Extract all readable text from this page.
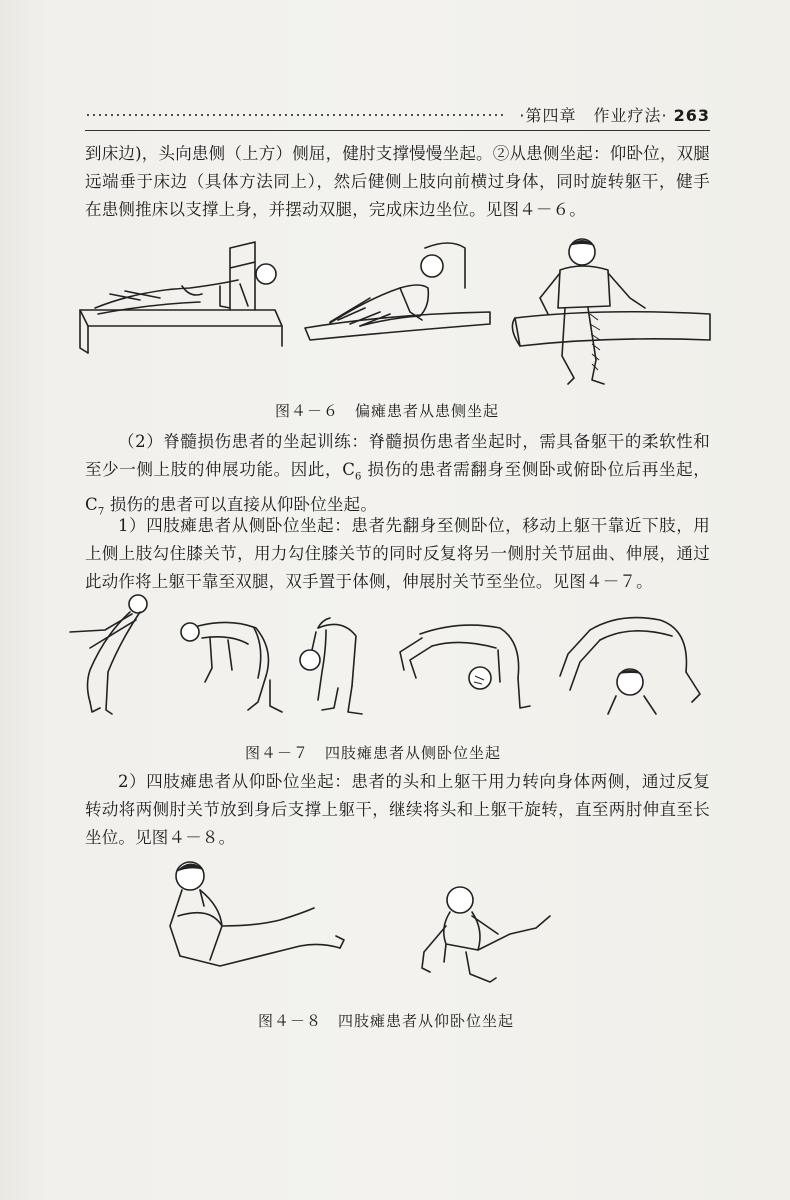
·第四章　作业疗法· 263
到床边)，头向患侧（上方）侧屈，健肘支撑慢慢坐起。②从患侧坐起：仰卧位，双腿远端垂于床边（具体方法同上），然后健侧上肢向前横过身体，同时旋转躯干，健手在患侧推床以支撑上身，并摆动双腿，完成床边坐位。见图４－６。
图４－６　偏瘫患者从患侧坐起
（2）脊髓损伤患者的坐起训练：脊髓损伤患者坐起时，需具备躯干的柔软性和至少一侧上肢的伸展功能。因此，$C_6$ 损伤的患者需翻身至侧卧或俯卧位后再坐起，$C_7$ 损伤的患者可以直接从仰卧位坐起。
1）四肢瘫患者从侧卧位坐起：患者先翻身至侧卧位，移动上躯干靠近下肢，用上侧上肢勾住膝关节，用力勾住膝关节的同时反复将另一侧肘关节屈曲、伸展，通过此动作将上躯干靠至双腿，双手置于体侧，伸展肘关节至坐位。见图４－７。
图４－７　四肢瘫患者从侧卧位坐起
2）四肢瘫患者从仰卧位坐起：患者的头和上躯干用力转向身体两侧，通过反复转动将两侧肘关节放到身后支撑上躯干，继续将头和上躯干旋转，直至两肘伸直至长坐位。见图４－８。
图４－８　四肢瘫患者从仰卧位坐起
